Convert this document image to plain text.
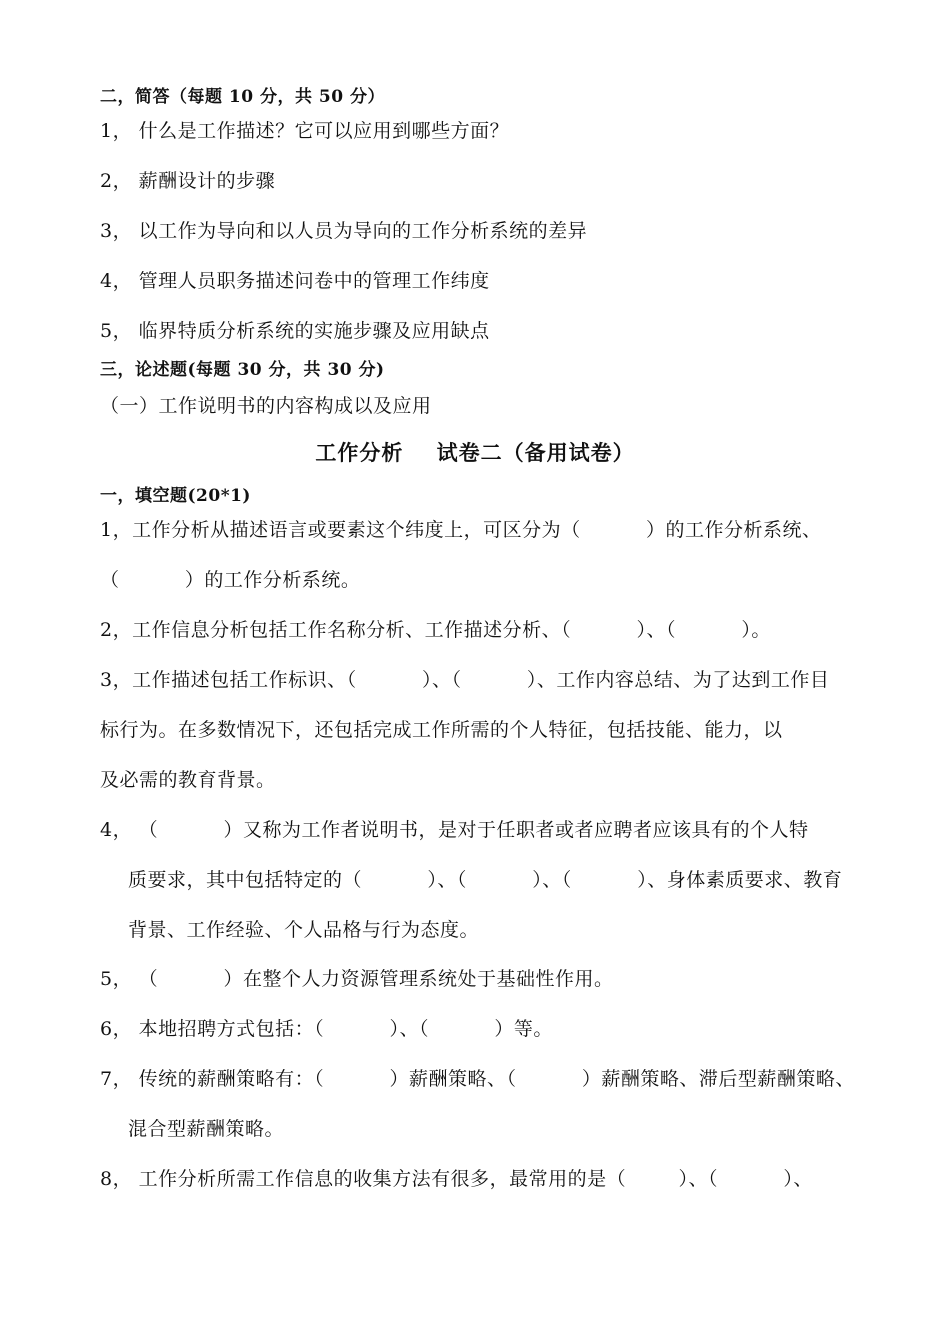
二，简答（每题 10 分，共 50 分）
1， 什么是工作描述？它可以应用到哪些方面？
2， 薪酬设计的步骤
3， 以工作为导向和以人员为导向的工作分析系统的差异
4， 管理人员职务描述问卷中的管理工作纬度
5， 临界特质分析系统的实施步骤及应用缺点
三，论述题(每题 30 分，共 30 分)
（一）工作说明书的内容构成以及应用
工作分析    试卷二（备用试卷）
一，填空题(20*1)
1，工作分析从描述语言或要素这个纬度上，可区分为（          ）的工作分析系统、
（          ）的工作分析系统。
2，工作信息分析包括工作名称分析、工作描述分析、（          ）、（          ）。
3，工作描述包括工作标识、（          ）、（          ）、工作内容总结、为了达到工作目
标行为。在多数情况下，还包括完成工作所需的个人特征，包括技能、能力，以
及必需的教育背景。
4， （          ）又称为工作者说明书，是对于任职者或者应聘者应该具有的个人特
质要求，其中包括特定的（          ）、（          ）、（          ）、身体素质要求、教育
背景、工作经验、个人品格与行为态度。
5， （          ）在整个人力资源管理系统处于基础性作用。
6， 本地招聘方式包括：（          ）、（          ）等。
7， 传统的薪酬策略有：（          ）薪酬策略、（          ）薪酬策略、滞后型薪酬策略、
混合型薪酬策略。
8， 工作分析所需工作信息的收集方法有很多，最常用的是（        ）、（          ）、
